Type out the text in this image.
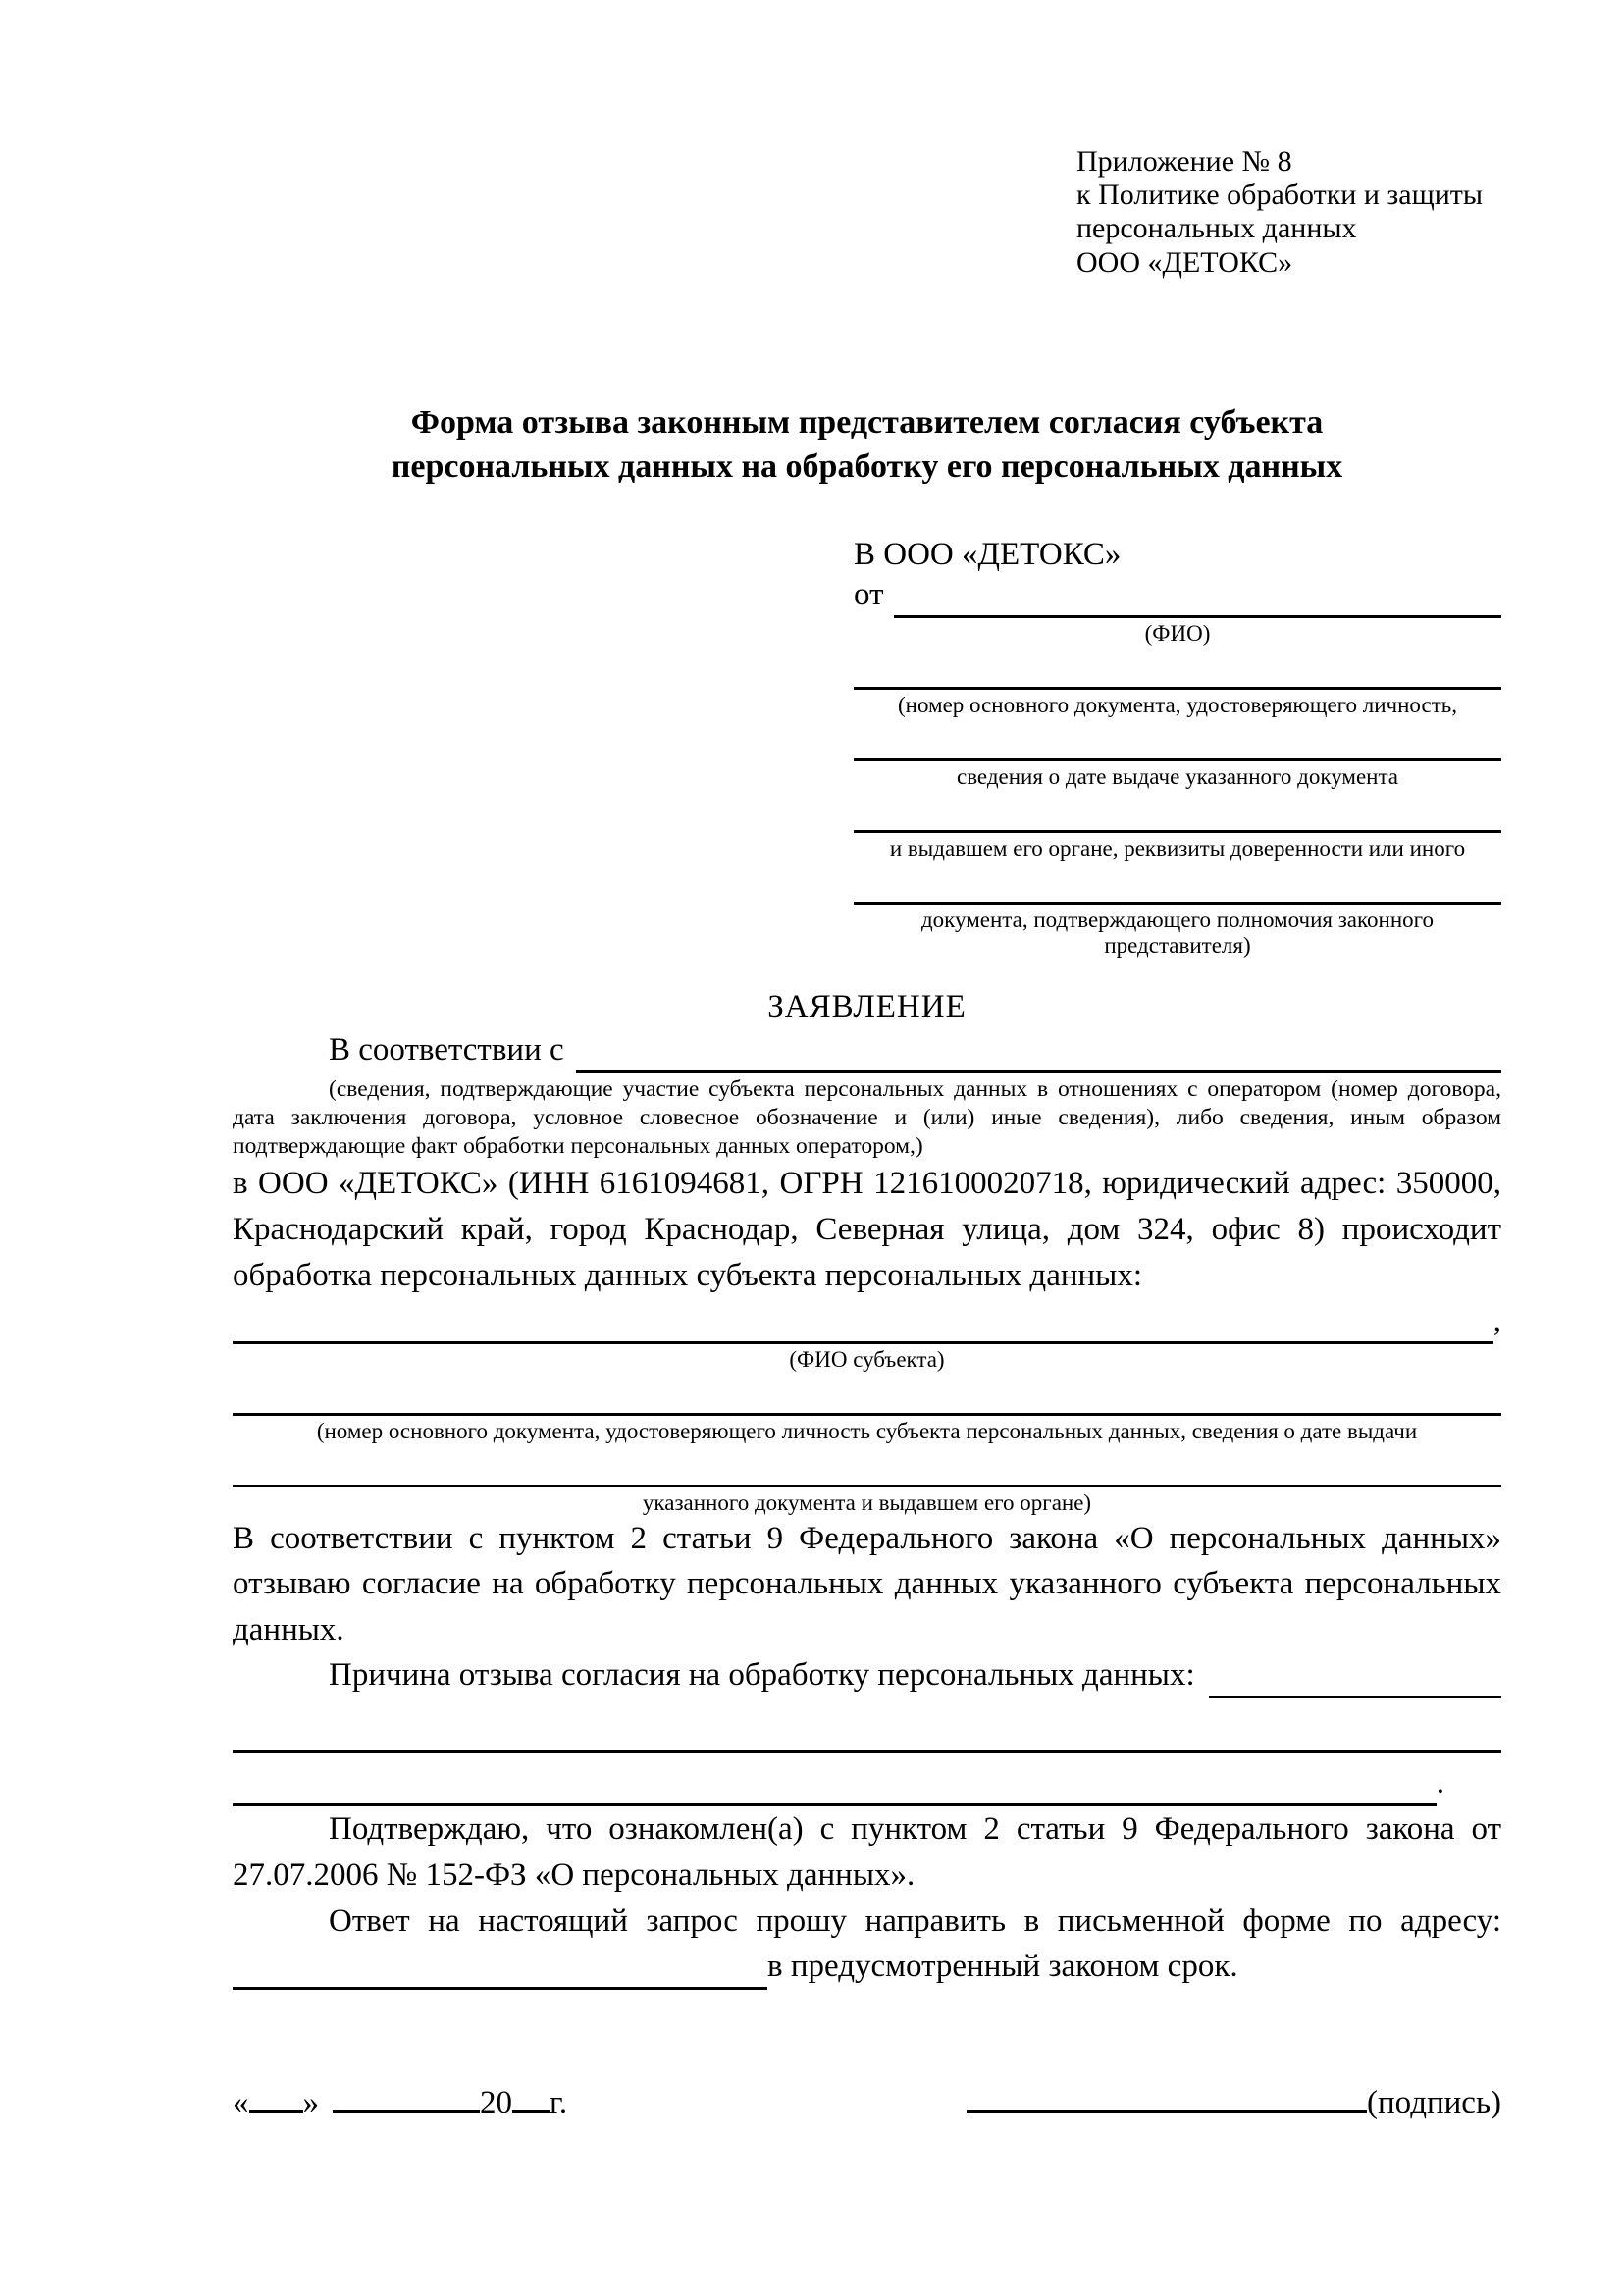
Приложение № 8
к Политике обработки и защиты
персональных данных
ООО «ДЕТОКС»
Форма отзыва законным представителем согласия субъекта
персональных данных на обработку его персональных данных
В ООО «ДЕТОКС»
от
(ФИО)
(номер основного документа, удостоверяющего личность,
сведения о дате выдаче указанного документа
и выдавшем его органе, реквизиты доверенности или иного
документа, подтверждающего полномочия законного представителя)
ЗАЯВЛЕНИЕ
В соответствии с
(сведения, подтверждающие участие субъекта персональных данных в отношениях с оператором (номер договора, дата заключения договора, условное словесное обозначение и (или) иные сведения), либо сведения, иным образом подтверждающие факт обработки персональных данных оператором,)
в ООО «ДЕТОКС» (ИНН 6161094681, ОГРН 1216100020718, юридический адрес: 350000, Краснодарский край, город Краснодар, Северная улица, дом 324, офис 8) происходит обработка персональных данных субъекта персональных данных:
,
(ФИО субъекта)
(номер основного документа, удостоверяющего личность субъекта персональных данных, сведения о дате выдачи
указанного документа и выдавшем его органе)
В соответствии с пунктом 2 статьи 9 Федерального закона «О персональных данных» отзываю согласие на обработку персональных данных указанного субъекта персональных данных.
Причина отзыва согласия на обработку персональных данных:
.
Подтверждаю, что ознакомлен(а) с пунктом 2 статьи 9 Федерального закона от 27.07.2006 № 152-ФЗ «О персональных данных».
Ответ на настоящий запрос прошу направить в письменной форме по адресу:
в предусмотренный законом срок.
« »	20 г.	(подпись)
